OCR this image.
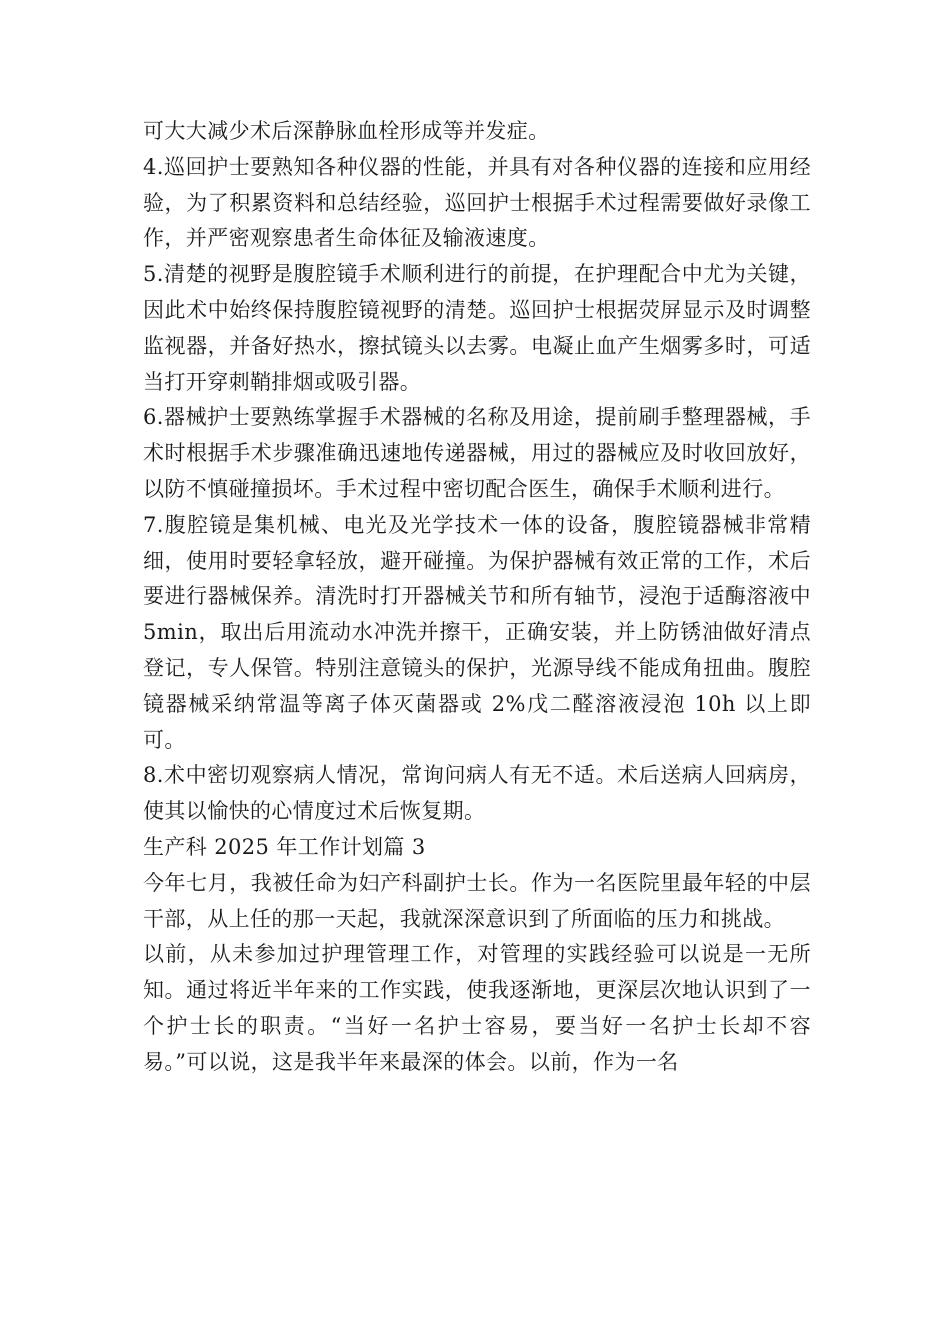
可大大减少术后深静脉血栓形成等并发症。

4.巡回护士要熟知各种仪器的性能，并具有对各种仪器的连接和应用经验，为了积累资料和总结经验，巡回护士根据手术过程需要做好录像工作，并严密观察患者生命体征及输液速度。

5.清楚的视野是腹腔镜手术顺利进行的前提，在护理配合中尤为关键，因此术中始终保持腹腔镜视野的清楚。巡回护士根据荧屏显示及时调整监视器，并备好热水，擦拭镜头以去雾。电凝止血产生烟雾多时，可适当打开穿刺鞘排烟或吸引器。

6.器械护士要熟练掌握手术器械的名称及用途，提前刷手整理器械，手术时根据手术步骤准确迅速地传递器械，用过的器械应及时收回放好，以防不慎碰撞损坏。手术过程中密切配合医生，确保手术顺利进行。

7.腹腔镜是集机械、电光及光学技术一体的设备，腹腔镜器械非常精细，使用时要轻拿轻放，避开碰撞。为保护器械有效正常的工作，术后要进行器械保养。清洗时打开器械关节和所有轴节，浸泡于适酶溶液中 5min，取出后用流动水冲洗并擦干，正确安装，并上防锈油做好清点登记，专人保管。特别注意镜头的保护，光源导线不能成角扭曲。腹腔镜器械采纳常温等离子体灭菌器或 2%戊二醛溶液浸泡 10h 以上即可。

8.术中密切观察病人情况，常询问病人有无不适。术后送病人回病房，使其以愉快的心情度过术后恢复期。

生产科 2025 年工作计划篇 3

今年七月，我被任命为妇产科副护士长。作为一名医院里最年轻的中层干部，从上任的那一天起，我就深深意识到了所面临的压力和挑战。

以前，从未参加过护理管理工作，对管理的实践经验可以说是一无所知。通过将近半年来的工作实践，使我逐渐地，更深层次地认识到了一个护士长的职责。“当好一名护士容易，要当好一名护士长却不容易。”可以说，这是我半年来最深的体会。以前，作为一名
